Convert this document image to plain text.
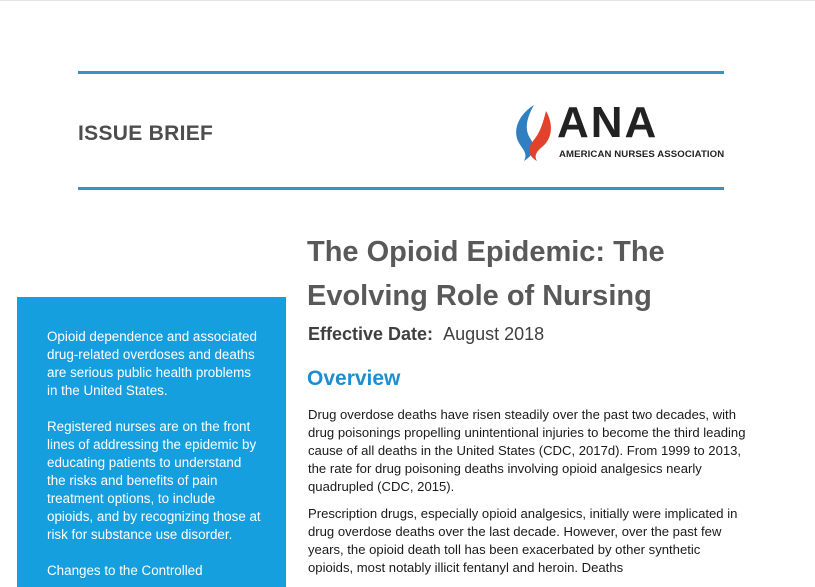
ISSUE BRIEF	ANA
AMERICAN NURSES ASSOCIATION

Opioid dependence and associated drug-related overdoses and deaths are serious public health problems in the United States.

Registered nurses are on the front lines of addressing the epidemic by educating patients to understand the risks and benefits of pain treatment options, to include opioids, and by recognizing those at risk for substance use disorder.

Changes to the Controlled

The Opioid Epidemic: The Evolving Role of Nursing
Effective Date: August 2018
Overview

Drug overdose deaths have risen steadily over the past two decades, with drug poisonings propelling unintentional injuries to become the third leading cause of all deaths in the United States (CDC, 2017d). From 1999 to 2013, the rate for drug poisoning deaths involving opioid analgesics nearly quadrupled (CDC, 2015).

Prescription drugs, especially opioid analgesics, initially were implicated in drug overdose deaths over the last decade. However, over the past few years, the opioid death toll has been exacerbated by other synthetic opioids, most notably illicit fentanyl and heroin. Deaths
